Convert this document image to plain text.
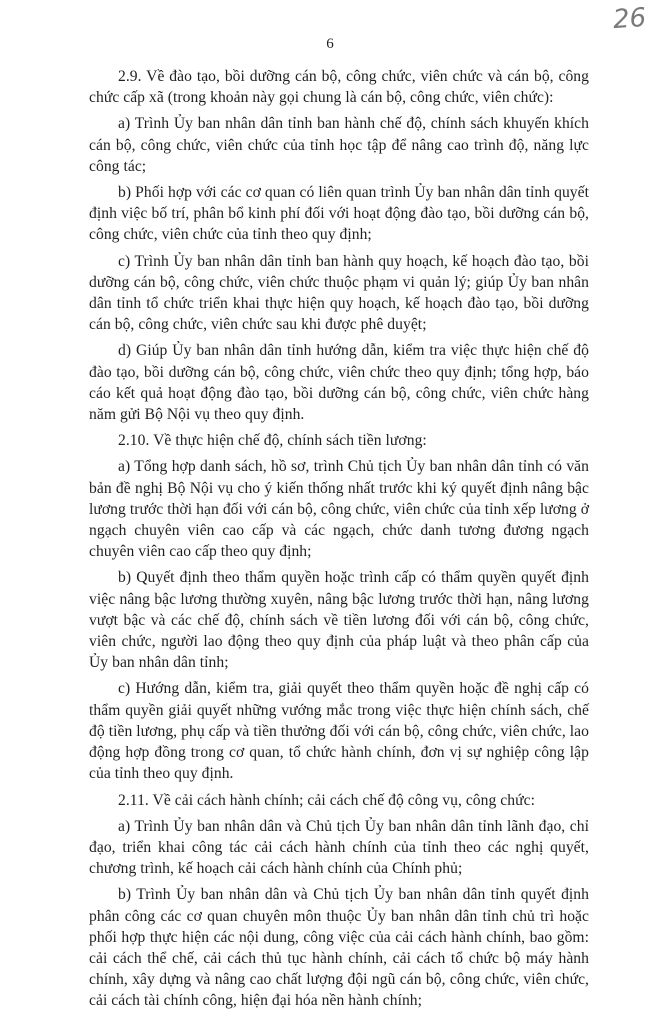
26
6

2.9. Về đào tạo, bồi dưỡng cán bộ, công chức, viên chức và cán bộ, công chức cấp xã (trong khoản này gọi chung là cán bộ, công chức, viên chức):

a) Trình Ủy ban nhân dân tỉnh ban hành chế độ, chính sách khuyến khích cán bộ, công chức, viên chức của tỉnh học tập để nâng cao trình độ, năng lực công tác;

b) Phối hợp với các cơ quan có liên quan trình Ủy ban nhân dân tỉnh quyết định việc bố trí, phân bổ kinh phí đối với hoạt động đào tạo, bồi dưỡng cán bộ, công chức, viên chức của tỉnh theo quy định;

c) Trình Ủy ban nhân dân tỉnh ban hành quy hoạch, kế hoạch đào tạo, bồi dưỡng cán bộ, công chức, viên chức thuộc phạm vi quản lý; giúp Ủy ban nhân dân tỉnh tổ chức triển khai thực hiện quy hoạch, kế hoạch đào tạo, bồi dưỡng cán bộ, công chức, viên chức sau khi được phê duyệt;

d) Giúp Ủy ban nhân dân tỉnh hướng dẫn, kiểm tra việc thực hiện chế độ đào tạo, bồi dưỡng cán bộ, công chức, viên chức theo quy định; tổng hợp, báo cáo kết quả hoạt động đào tạo, bồi dưỡng cán bộ, công chức, viên chức hàng năm gửi Bộ Nội vụ theo quy định.

2.10. Về thực hiện chế độ, chính sách tiền lương:

a) Tổng hợp danh sách, hồ sơ, trình Chủ tịch Ủy ban nhân dân tỉnh có văn bản đề nghị Bộ Nội vụ cho ý kiến thống nhất trước khi ký quyết định nâng bậc lương trước thời hạn đối với cán bộ, công chức, viên chức của tỉnh xếp lương ở ngạch chuyên viên cao cấp và các ngạch, chức danh tương đương ngạch chuyên viên cao cấp theo quy định;

b) Quyết định theo thẩm quyền hoặc trình cấp có thẩm quyền quyết định việc nâng bậc lương thường xuyên, nâng bậc lương trước thời hạn, nâng lương vượt bậc và các chế độ, chính sách về tiền lương đối với cán bộ, công chức, viên chức, người lao động theo quy định của pháp luật và theo phân cấp của Ủy ban nhân dân tỉnh;

c) Hướng dẫn, kiểm tra, giải quyết theo thẩm quyền hoặc đề nghị cấp có thẩm quyền giải quyết những vướng mắc trong việc thực hiện chính sách, chế độ tiền lương, phụ cấp và tiền thưởng đối với cán bộ, công chức, viên chức, lao động hợp đồng trong cơ quan, tổ chức hành chính, đơn vị sự nghiệp công lập của tỉnh theo quy định.

2.11. Về cải cách hành chính; cải cách chế độ công vụ, công chức:

a) Trình Ủy ban nhân dân và Chủ tịch Ủy ban nhân dân tỉnh lãnh đạo, chỉ đạo, triển khai công tác cải cách hành chính của tỉnh theo các nghị quyết, chương trình, kế hoạch cải cách hành chính của Chính phủ;

b) Trình Ủy ban nhân dân và Chủ tịch Ủy ban nhân dân tỉnh quyết định phân công các cơ quan chuyên môn thuộc Ủy ban nhân dân tỉnh chủ trì hoặc phối hợp thực hiện các nội dung, công việc của cải cách hành chính, bao gồm: cải cách thể chế, cải cách thủ tục hành chính, cải cách tổ chức bộ máy hành chính, xây dựng và nâng cao chất lượng đội ngũ cán bộ, công chức, viên chức, cải cách tài chính công, hiện đại hóa nền hành chính;
